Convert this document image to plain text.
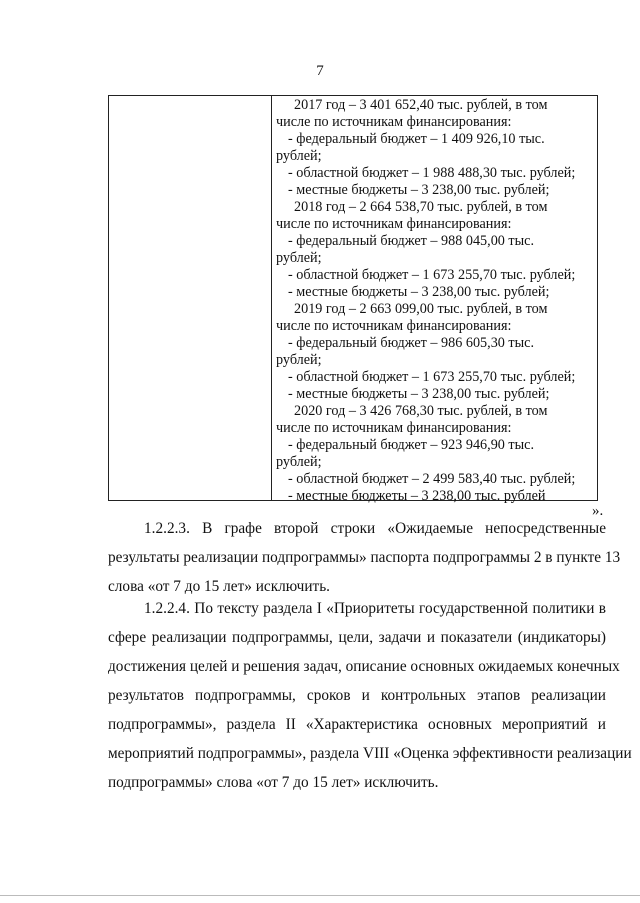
7
2017 год – 3 401 652,40 тыс. рублей, в том
числе по источникам финансирования:
- федеральный бюджет – 1 409 926,10 тыс.
рублей;
- областной бюджет – 1 988 488,30 тыс. рублей;
- местные бюджеты – 3 238,00 тыс. рублей;
2018 год – 2 664 538,70 тыс. рублей, в том
числе по источникам финансирования:
- федеральный бюджет – 988 045,00 тыс.
рублей;
- областной бюджет – 1 673 255,70 тыс. рублей;
- местные бюджеты – 3 238,00 тыс. рублей;
2019 год – 2 663 099,00 тыс. рублей, в том
числе по источникам финансирования:
- федеральный бюджет – 986 605,30 тыс.
рублей;
- областной бюджет – 1 673 255,70 тыс. рублей;
- местные бюджеты – 3 238,00 тыс. рублей;
2020 год – 3 426 768,30 тыс. рублей, в том
числе по источникам финансирования:
- федеральный бюджет – 923 946,90 тыс.
рублей;
- областной бюджет – 2 499 583,40 тыс. рублей;
- местные бюджеты – 3 238,00 тыс. рублей
».
1.2.2.3. В графе второй строки «Ожидаемые непосредственные
результаты реализации подпрограммы» паспорта подпрограммы 2 в пункте 13
слова «от 7 до 15 лет» исключить.
1.2.2.4. По тексту раздела I «Приоритеты государственной политики в
сфере реализации подпрограммы, цели, задачи и показатели (индикаторы)
достижения целей и решения задач, описание основных ожидаемых конечных
результатов подпрограммы, сроков и контрольных этапов реализации
подпрограммы», раздела II «Характеристика основных мероприятий и
мероприятий подпрограммы», раздела VIII «Оценка эффективности реализации
подпрограммы» слова «от 7 до 15 лет» исключить.
